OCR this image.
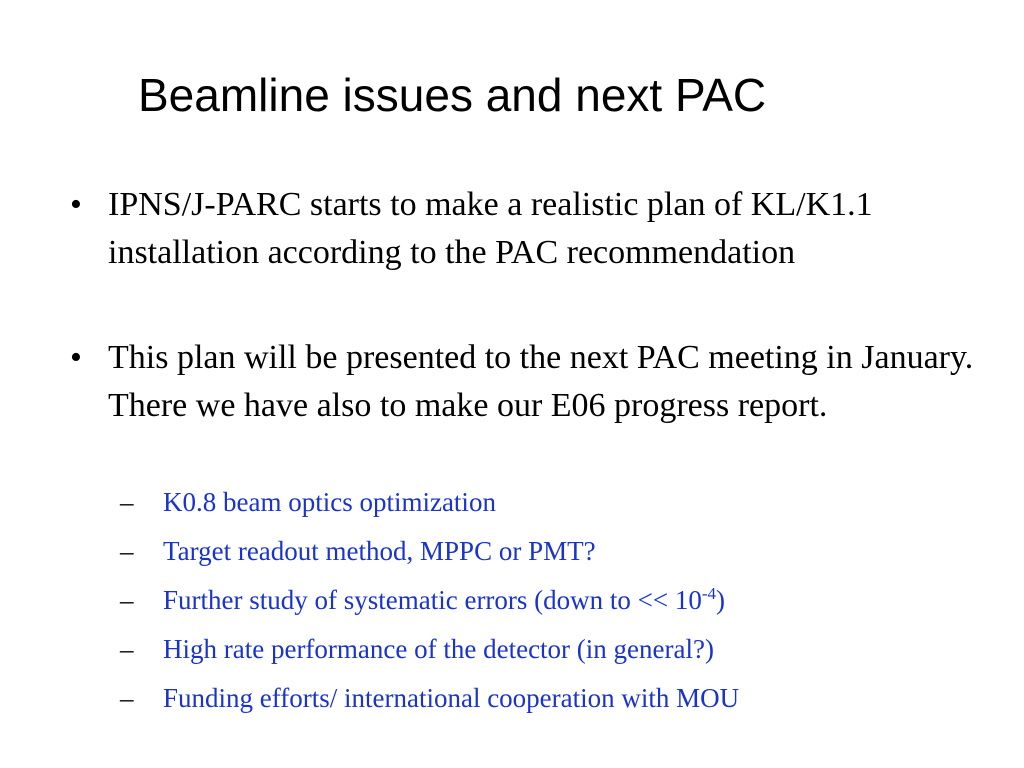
Beamline issues and next PAC
• IPNS/J-PARC starts to make a realistic plan of KL/K1.1 installation according to the PAC recommendation
• This plan will be presented to the next PAC meeting in January. There we have also to make our E06 progress report.
– K0.8 beam optics optimization
– Target readout method, MPPC or PMT?
– Further study of systematic errors (down to << $10^{-4}$)
– High rate performance of the detector (in general?)
– Funding efforts/ international cooperation with MOU
